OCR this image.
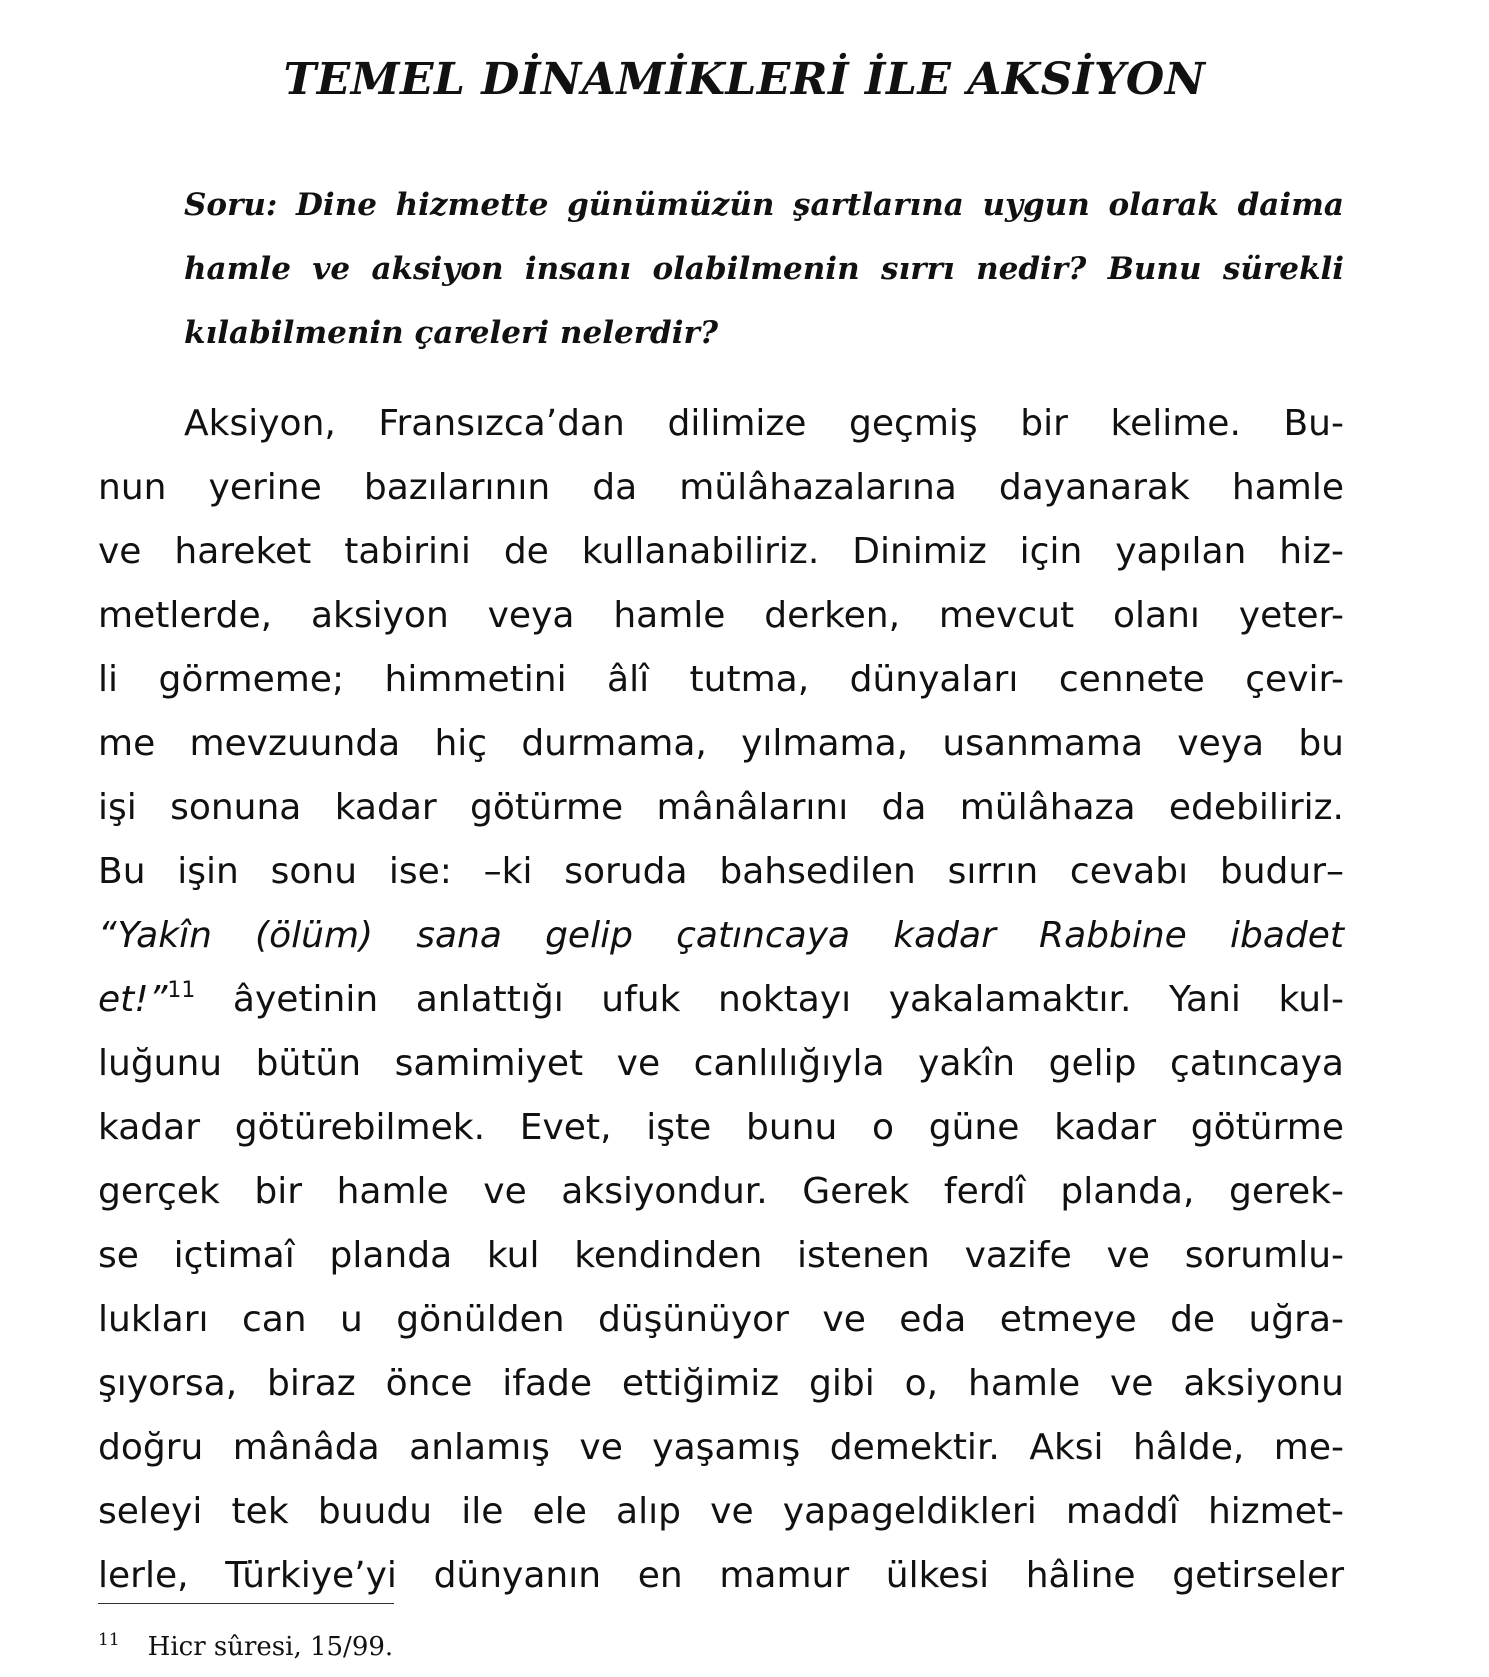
TEMEL DİNAMİKLERİ İLE AKSİYON
Soru: Dine hizmette günümüzün şartlarına uygun olarak daima
hamle ve aksiyon insanı olabilmenin sırrı nedir? Bunu sürekli
kılabilmenin çareleri nelerdir?
Aksiyon, Fransızca’dan dilimize geçmiş bir kelime. Bu-
nun yerine bazılarının da mülâhazalarına dayanarak hamle
ve hareket tabirini de kullanabiliriz. Dinimiz için yapılan hiz-
metlerde, aksiyon veya hamle derken, mevcut olanı yeter-
li görmeme; himmetini âlî tutma, dünyaları cennete çevir-
me mevzuunda hiç durmama, yılmama, usanmama veya bu
işi sonuna kadar götürme mânâlarını da mülâhaza edebiliriz.
Bu işin sonu ise: –ki soruda bahsedilen sırrın cevabı budur–
“Yakîn (ölüm) sana gelip çatıncaya kadar Rabbine ibadet
et!”$^{11}$ âyetinin anlattığı ufuk noktayı yakalamaktır. Yani kul-
luğunu bütün samimiyet ve canlılığıyla yakîn gelip çatıncaya
kadar götürebilmek. Evet, işte bunu o güne kadar götürme
gerçek bir hamle ve aksiyondur. Gerek ferdî planda, gerek-
se içtimaî planda kul kendinden istenen vazife ve sorumlu-
lukları can u gönülden düşünüyor ve eda etmeye de uğra-
şıyorsa, biraz önce ifade ettiğimiz gibi o, hamle ve aksiyonu
doğru mânâda anlamış ve yaşamış demektir. Aksi hâlde, me-
seleyi tek buudu ile ele alıp ve yapageldikleri maddî hizmet-
lerle, Türkiye’yi dünyanın en mamur ülkesi hâline getirseler
$^{11}$ Hicr sûresi, 15/99.
